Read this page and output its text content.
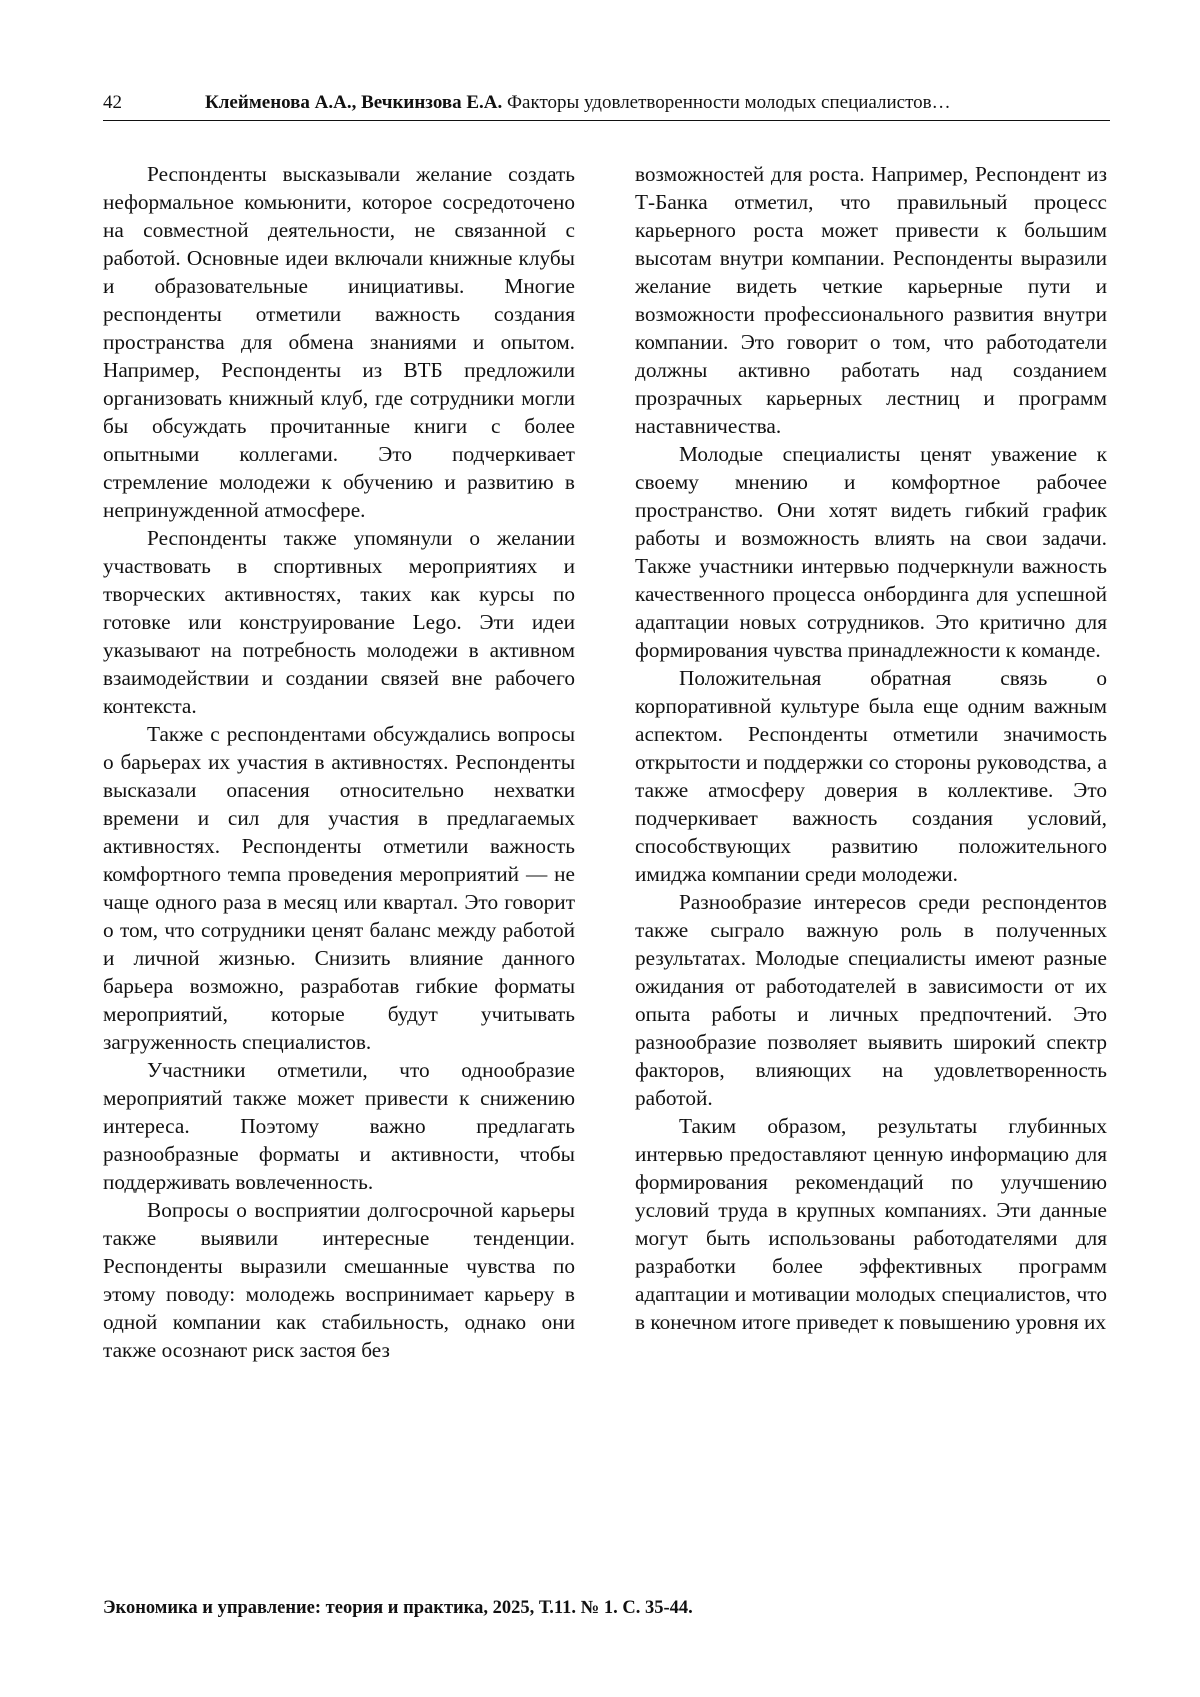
42	Клейменова А.А., Вечкинзова Е.А. Факторы удовлетворенности молодых специалистов…

Респонденты высказывали желание создать неформальное комьюнити, которое сосредоточено на совместной деятельности, не связанной с работой. Основные идеи включали книжные клубы и образовательные инициативы. Многие респонденты отметили важность создания пространства для обмена знаниями и опытом. Например, Респонденты из ВТБ предложили организовать книжный клуб, где сотрудники могли бы обсуждать прочитанные книги с более опытными коллегами. Это подчеркивает стремление молодежи к обучению и развитию в непринужденной атмосфере.

Респонденты также упомянули о желании участвовать в спортивных мероприятиях и творческих активностях, таких как курсы по готовке или конструирование Lego. Эти идеи указывают на потребность молодежи в активном взаимодействии и создании связей вне рабочего контекста.

Также с респондентами обсуждались вопросы о барьерах их участия в активностях. Респонденты высказали опасения относительно нехватки времени и сил для участия в предлагаемых активностях. Респонденты отметили важность комфортного темпа проведения мероприятий — не чаще одного раза в месяц или квартал. Это говорит о том, что сотрудники ценят баланс между работой и личной жизнью. Снизить влияние данного барьера возможно, разработав гибкие форматы мероприятий, которые будут учитывать загруженность специалистов.

Участники отметили, что однообразие мероприятий также может привести к снижению интереса. Поэтому важно предлагать разнообразные форматы и активности, чтобы поддерживать вовлеченность.

Вопросы о восприятии долгосрочной карьеры также выявили интересные тенденции. Респонденты выразили смешанные чувства по этому поводу: молодежь воспринимает карьеру в одной компании как стабильность, однако они также осознают риск застоя без

возможностей для роста. Например, Респондент из Т-Банка отметил, что правильный процесс карьерного роста может привести к большим высотам внутри компании. Респонденты выразили желание видеть четкие карьерные пути и возможности профессионального развития внутри компании. Это говорит о том, что работодатели должны активно работать над созданием прозрачных карьерных лестниц и программ наставничества.

Молодые специалисты ценят уважение к своему мнению и комфортное рабочее пространство. Они хотят видеть гибкий график работы и возможность влиять на свои задачи. Также участники интервью подчеркнули важность качественного процесса онбординга для успешной адаптации новых сотрудников. Это критично для формирования чувства принадлежности к команде.

Положительная обратная связь о корпоративной культуре была еще одним важным аспектом. Респонденты отметили значимость открытости и поддержки со стороны руководства, а также атмосферу доверия в коллективе. Это подчеркивает важность создания условий, способствующих развитию положительного имиджа компании среди молодежи.

Разнообразие интересов среди респондентов также сыграло важную роль в полученных результатах. Молодые специалисты имеют разные ожидания от работодателей в зависимости от их опыта работы и личных предпочтений. Это разнообразие позволяет выявить широкий спектр факторов, влияющих на удовлетворенность работой.

Таким образом, результаты глубинных интервью предоставляют ценную информацию для формирования рекомендаций по улучшению условий труда в крупных компаниях. Эти данные могут быть использованы работодателями для разработки более эффективных программ адаптации и мотивации молодых специалистов, что в конечном итоге приведет к повышению уровня их

Экономика и управление: теория и практика, 2025, Т.11. № 1. С. 35-44.
